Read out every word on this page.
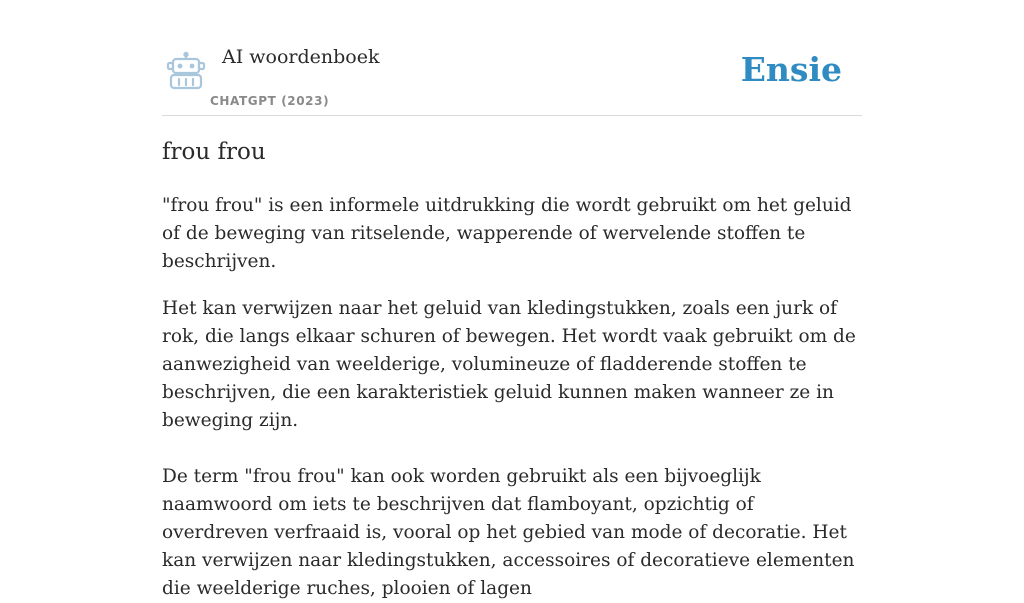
AI woordenboek
CHATGPT (2023)
Ensie
frou frou

"frou frou" is een informele uitdrukking die wordt gebruikt om het geluid of de beweging van ritselende, wapperende of wervelende stoffen te beschrijven.

Het kan verwijzen naar het geluid van kledingstukken, zoals een jurk of rok, die langs elkaar schuren of bewegen. Het wordt vaak gebruikt om de aanwezigheid van weelderige, volumineuze of fladderende stoffen te beschrijven, die een karakteristiek geluid kunnen maken wanneer ze in beweging zijn.

De term "frou frou" kan ook worden gebruikt als een bijvoeglijk naamwoord om iets te beschrijven dat flamboyant, opzichtig of overdreven verfraaid is, vooral op het gebied van mode of decoratie. Het kan verwijzen naar kledingstukken, accessoires of decoratieve elementen die weelderige ruches, plooien of lagen
